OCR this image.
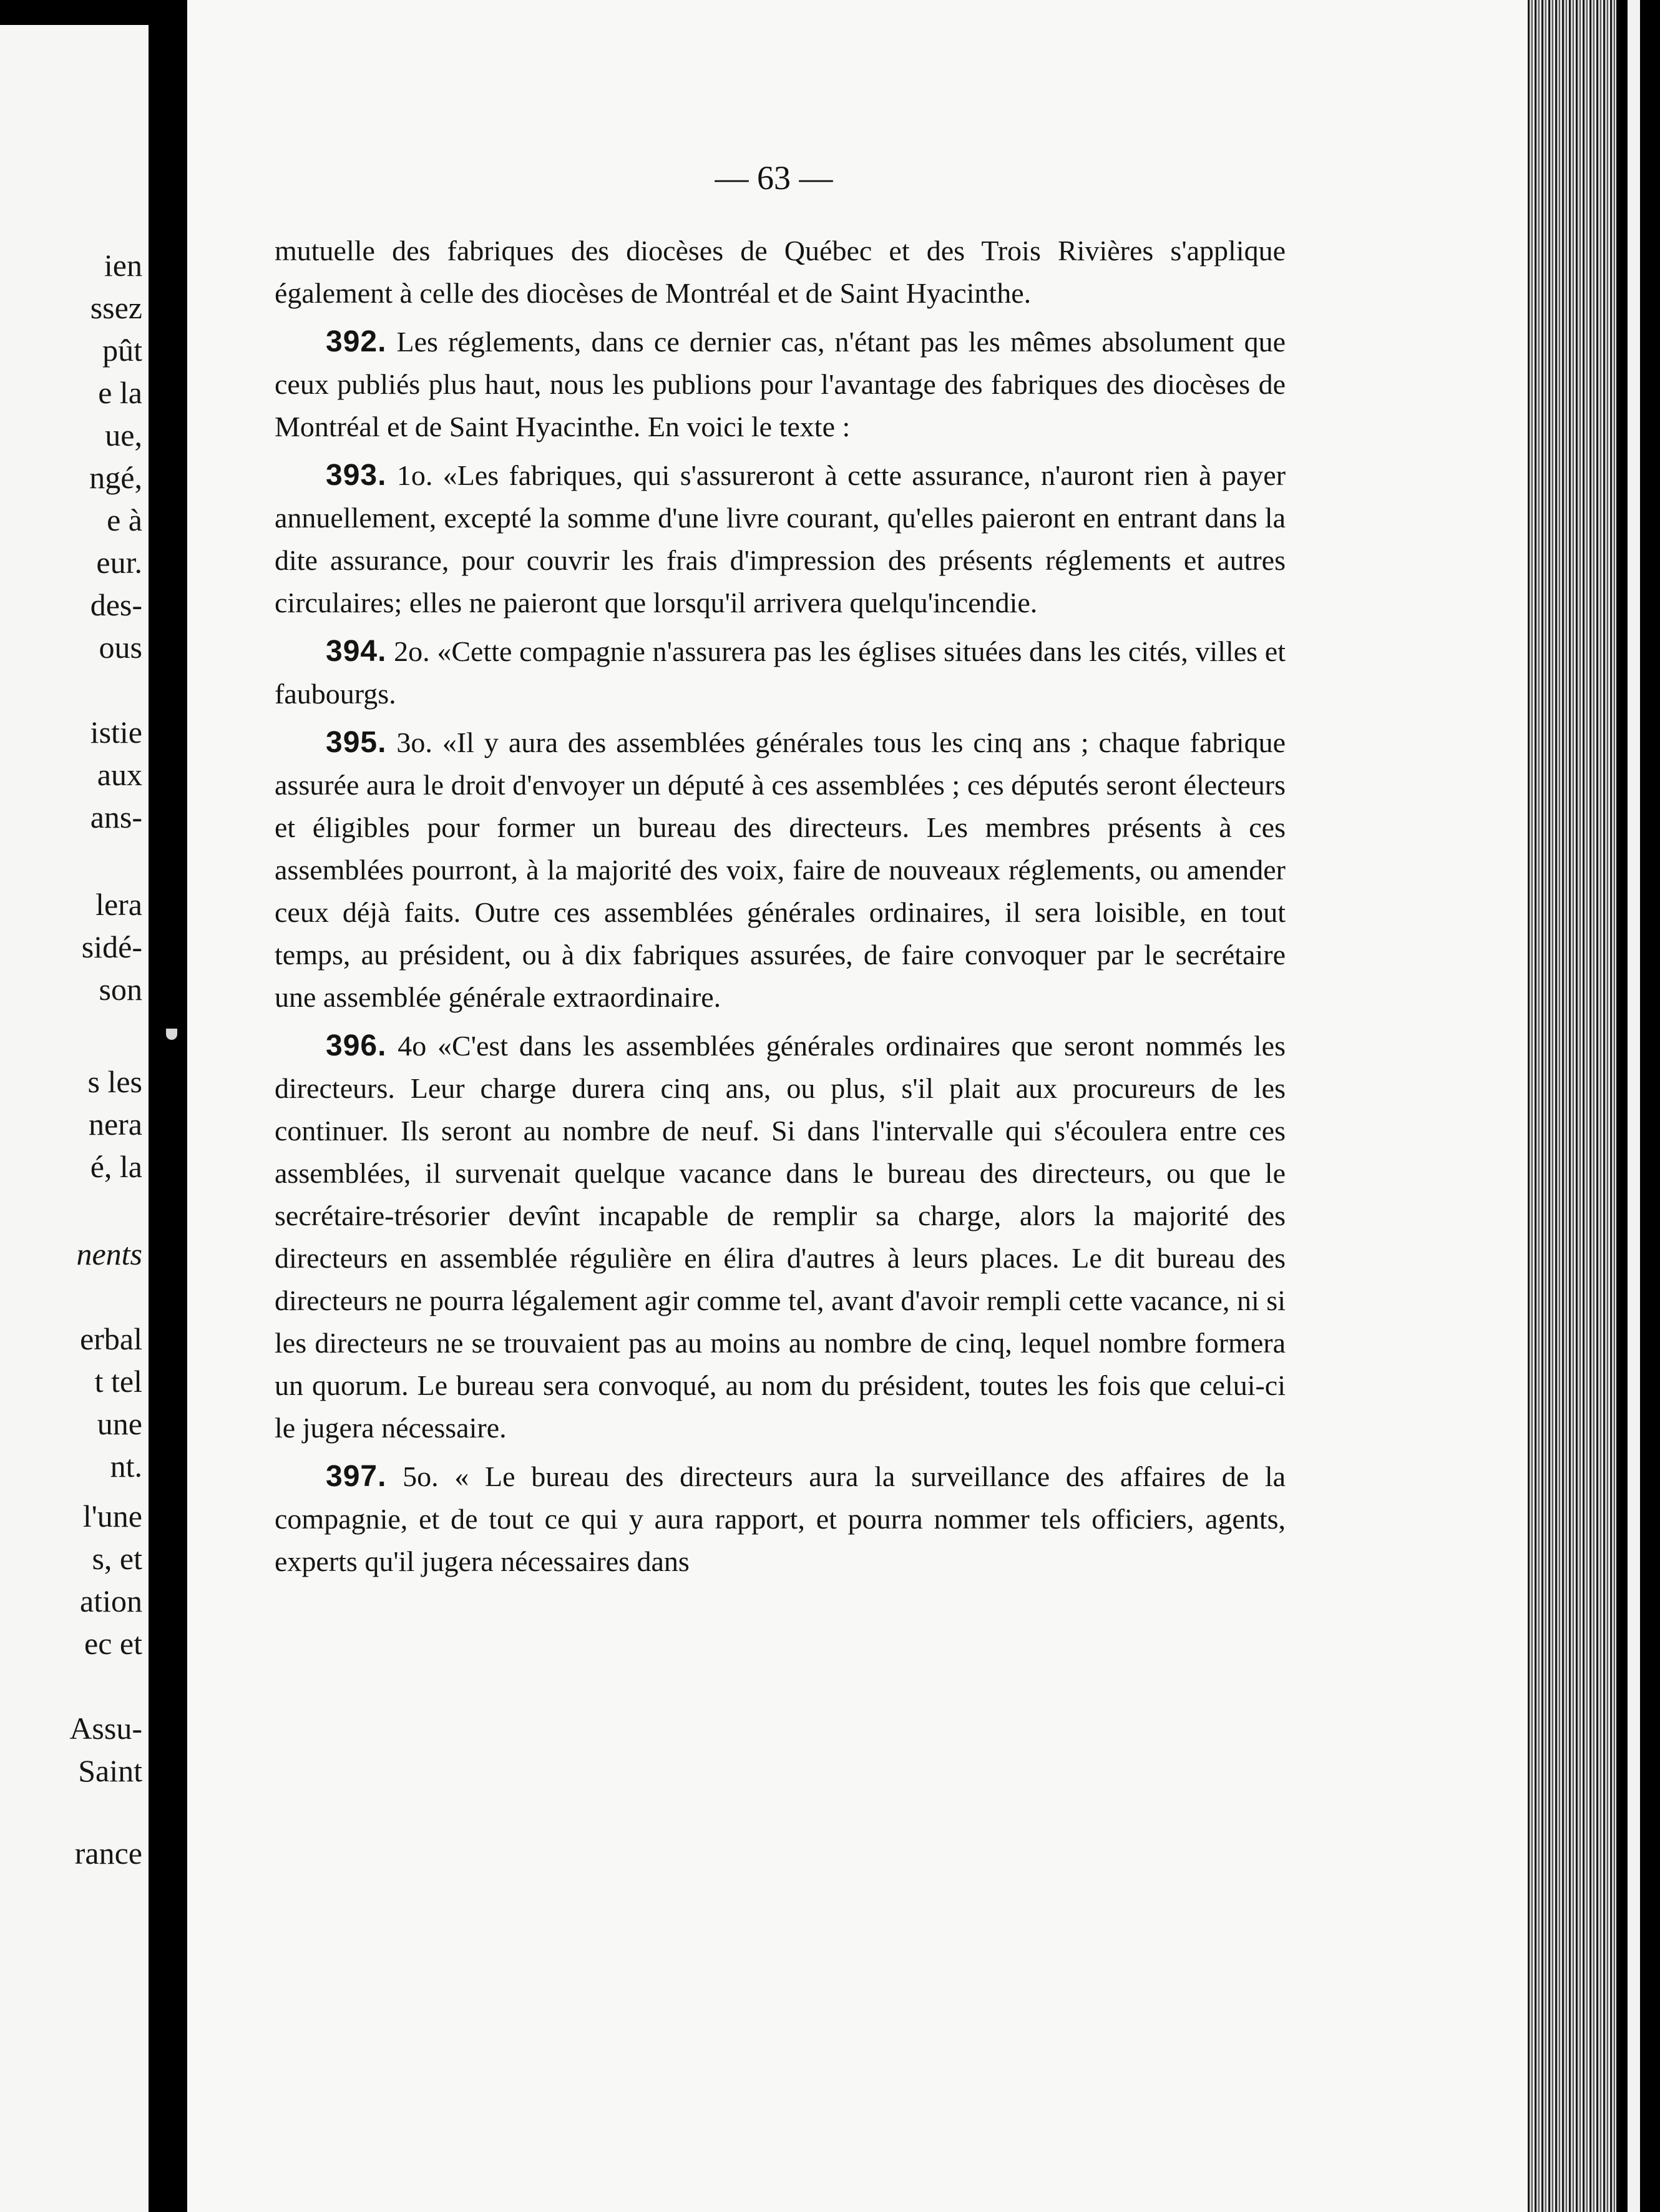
ien
ssez
pût
e la
ue,
ngé,
e à
eur.
des-
ous
istie
aux
ans-
lera
sidé-
son
s les
nera
é, la
nents
erbal
t tel
une
nt.
l'une
s, et
ation
ec et
Assu-
Saint
rance
— 63 —

mutuelle des fabriques des diocèses de Québec et des Trois Rivières s'applique également à celle des diocèses de Montréal et de Saint Hyacinthe.

392. Les réglements, dans ce dernier cas, n'étant pas les mêmes absolument que ceux publiés plus haut, nous les publions pour l'avantage des fabriques des diocèses de Montréal et de Saint Hyacinthe. En voici le texte :

393. 1o. «Les fabriques, qui s'assureront à cette assurance, n'auront rien à payer annuellement, excepté la somme d'une livre courant, qu'elles paieront en entrant dans la dite assurance, pour couvrir les frais d'impression des présents réglements et autres circulaires; elles ne paieront que lorsqu'il arrivera quelqu'incendie.

394. 2o. «Cette compagnie n'assurera pas les églises situées dans les cités, villes et faubourgs.

395. 3o. «Il y aura des assemblées générales tous les cinq ans ; chaque fabrique assurée aura le droit d'envoyer un député à ces assemblées ; ces députés seront électeurs et éligibles pour former un bureau des directeurs. Les membres présents à ces assemblées pourront, à la majorité des voix, faire de nouveaux réglements, ou amender ceux déjà faits. Outre ces assemblées générales ordinaires, il sera loisible, en tout temps, au président, ou à dix fabriques assurées, de faire convoquer par le secrétaire une assemblée générale extraordinaire.

396. 4o «C'est dans les assemblées générales ordinaires que seront nommés les directeurs. Leur charge durera cinq ans, ou plus, s'il plait aux procureurs de les continuer. Ils seront au nombre de neuf. Si dans l'intervalle qui s'écoulera entre ces assemblées, il survenait quelque vacance dans le bureau des directeurs, ou que le secrétaire-trésorier devînt incapable de remplir sa charge, alors la majorité des directeurs en assemblée régulière en élira d'autres à leurs places. Le dit bureau des directeurs ne pourra légalement agir comme tel, avant d'avoir rempli cette vacance, ni si les directeurs ne se trouvaient pas au moins au nombre de cinq, lequel nombre formera un quorum. Le bureau sera convoqué, au nom du président, toutes les fois que celui-ci le jugera nécessaire.

397. 5o. « Le bureau des directeurs aura la surveillance des affaires de la compagnie, et de tout ce qui y aura rapport, et pourra nommer tels officiers, agents, experts qu'il jugera nécessaires dans
